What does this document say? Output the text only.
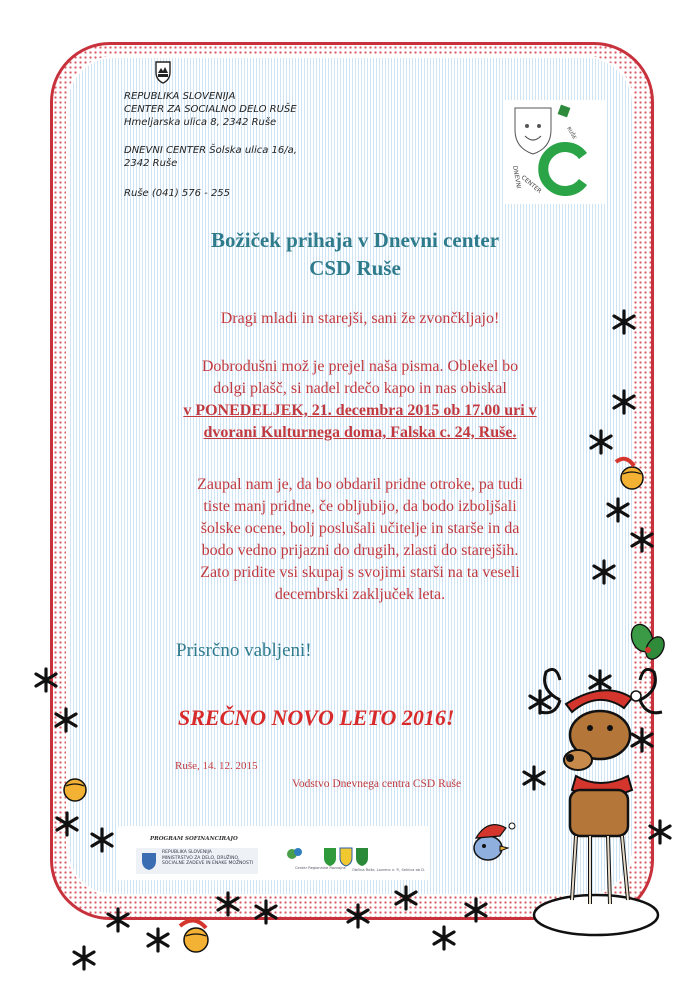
REPUBLIKA SLOVENIJA
CENTER ZA SOCIALNO DELO RUŠE
Hmeljarska ulica 8, 2342 Ruše
DNEVNI CENTER Šolska ulica 16/a,
2342 Ruše
Ruše (041) 576 - 255
DNEVNI
CENTER
RUŠE
Božiček prihaja v Dnevni center
CSD Ruše
Dragi mladi in starejši, sani že zvončkljajo!
Dobrodušni mož je prejel naša pisma. Oblekel bo
dolgi plašč, si nadel rdečo kapo in nas obiskal
v PONEDELJEK, 21. decembra 2015 ob 17.00 uri v
dvorani Kulturnega doma, Falska c. 24, Ruše.
Zaupal nam je, da bo obdaril pridne otroke, pa tudi
tiste manj pridne, če obljubijo, da bodo izboljšali
šolske ocene, bolj poslušali učitelje in starše in da
bodo vedno prijazni do drugih, zlasti do starejših.
Zato pridite vsi skupaj s svojimi starši na ta veseli
decembrski zaključek leta.
Prisrčno vabljeni!
SREČNO NOVO LETO 2016!
Ruše, 14. 12. 2015
Vodstvo Dnevnega centra CSD Ruše
PROGRAM SOFINANCIRAJO
REPUBLIKA SLOVENIJA
MINISTRSTVO ZA DELO, DRUŽINO,
SOCIALNE ZADEVE IN ENAKE MOŽNOSTI
Center Regionalne Razvojne Občina Ruše, Lovrenc n. P., Selnica ob D.
